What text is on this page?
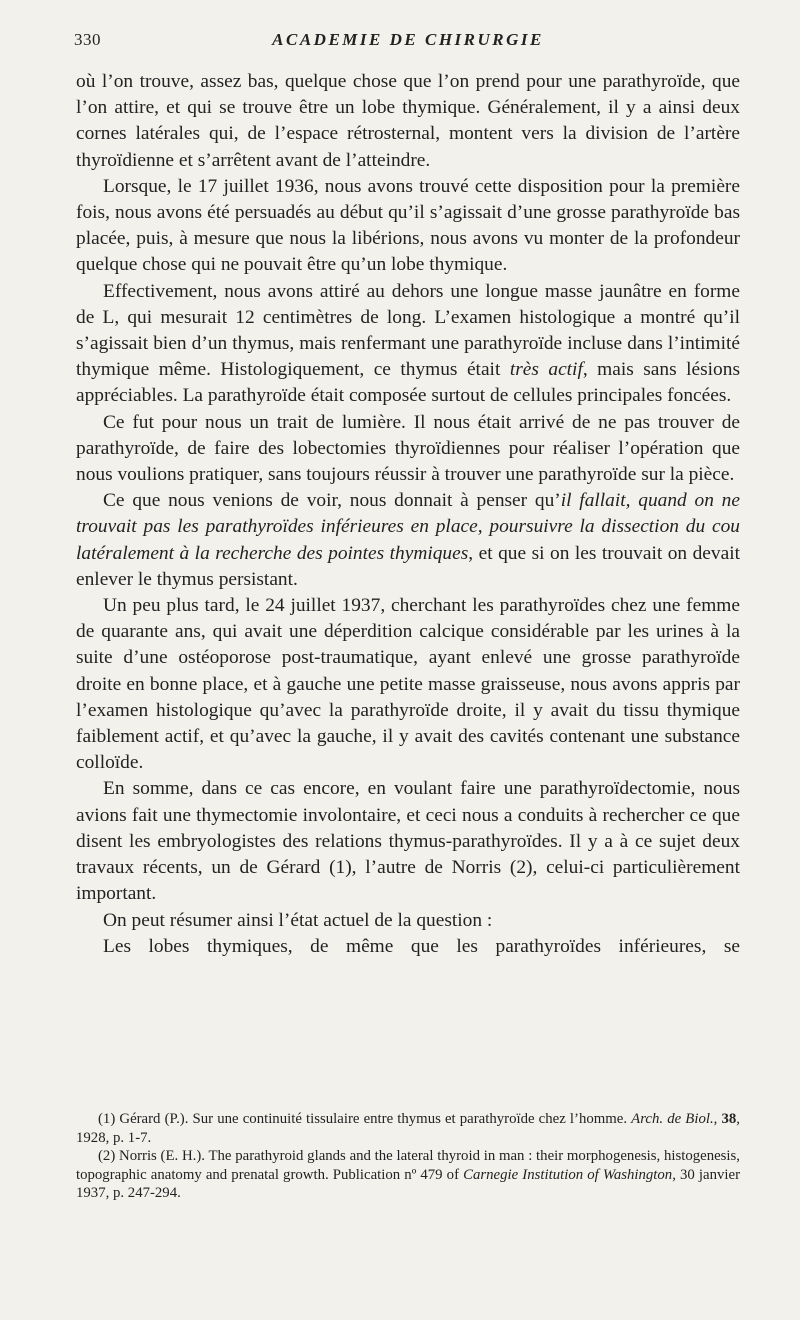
330	ACADEMIE DE CHIRURGIE

où l’on trouve, assez bas, quelque chose que l’on prend pour une parathyroïde, que l’on attire, et qui se trouve être un lobe thymique. Généralement, il y a ainsi deux cornes latérales qui, de l’espace rétrosternal, montent vers la division de l’artère thyroïdienne et s’arrêtent avant de l’atteindre.

Lorsque, le 17 juillet 1936, nous avons trouvé cette disposition pour la première fois, nous avons été persuadés au début qu’il s’agissait d’une grosse parathyroïde bas placée, puis, à mesure que nous la libérions, nous avons vu monter de la profondeur quelque chose qui ne pouvait être qu’un lobe thymique.

Effectivement, nous avons attiré au dehors une longue masse jaunâtre en forme de L, qui mesurait 12 centimètres de long. L’examen histologique a montré qu’il s’agissait bien d’un thymus, mais renfermant une parathyroïde incluse dans l’intimité thymique même. Histologiquement, ce thymus était très actif, mais sans lésions appréciables. La parathyroïde était composée surtout de cellules principales foncées.

Ce fut pour nous un trait de lumière. Il nous était arrivé de ne pas trouver de parathyroïde, de faire des lobectomies thyroïdiennes pour réaliser l’opération que nous voulions pratiquer, sans toujours réussir à trouver une parathyroïde sur la pièce.

Ce que nous venions de voir, nous donnait à penser qu’il fallait, quand on ne trouvait pas les parathyroïdes inférieures en place, poursuivre la dissection du cou latéralement à la recherche des pointes thymiques, et que si on les trouvait on devait enlever le thymus persistant.

Un peu plus tard, le 24 juillet 1937, cherchant les parathyroïdes chez une femme de quarante ans, qui avait une déperdition calcique considérable par les urines à la suite d’une ostéoporose post-traumatique, ayant enlevé une grosse parathyroïde droite en bonne place, et à gauche une petite masse graisseuse, nous avons appris par l’examen histologique qu’avec la parathyroïde droite, il y avait du tissu thymique faiblement actif, et qu’avec la gauche, il y avait des cavités contenant une substance colloïde.

En somme, dans ce cas encore, en voulant faire une parathyroïdectomie, nous avions fait une thymectomie involontaire, et ceci nous a conduits à rechercher ce que disent les embryologistes des relations thymus-parathyroïdes. Il y a à ce sujet deux travaux récents, un de Gérard (1), l’autre de Norris (2), celui-ci particulièrement important.

On peut résumer ainsi l’état actuel de la question :

Les lobes thymiques, de même que les parathyroïdes inférieures, se

(1) Gérard (P.). Sur une continuité tissulaire entre thymus et parathyroïde chez l’homme. Arch. de Biol., 38, 1928, p. 1-7.

(2) Norris (E. H.). The parathyroid glands and the lateral thyroid in man : their morphogenesis, histogenesis, topographic anatomy and prenatal growth. Publication nº 479 of Carnegie Institution of Washington, 30 janvier 1937, p. 247-294.
